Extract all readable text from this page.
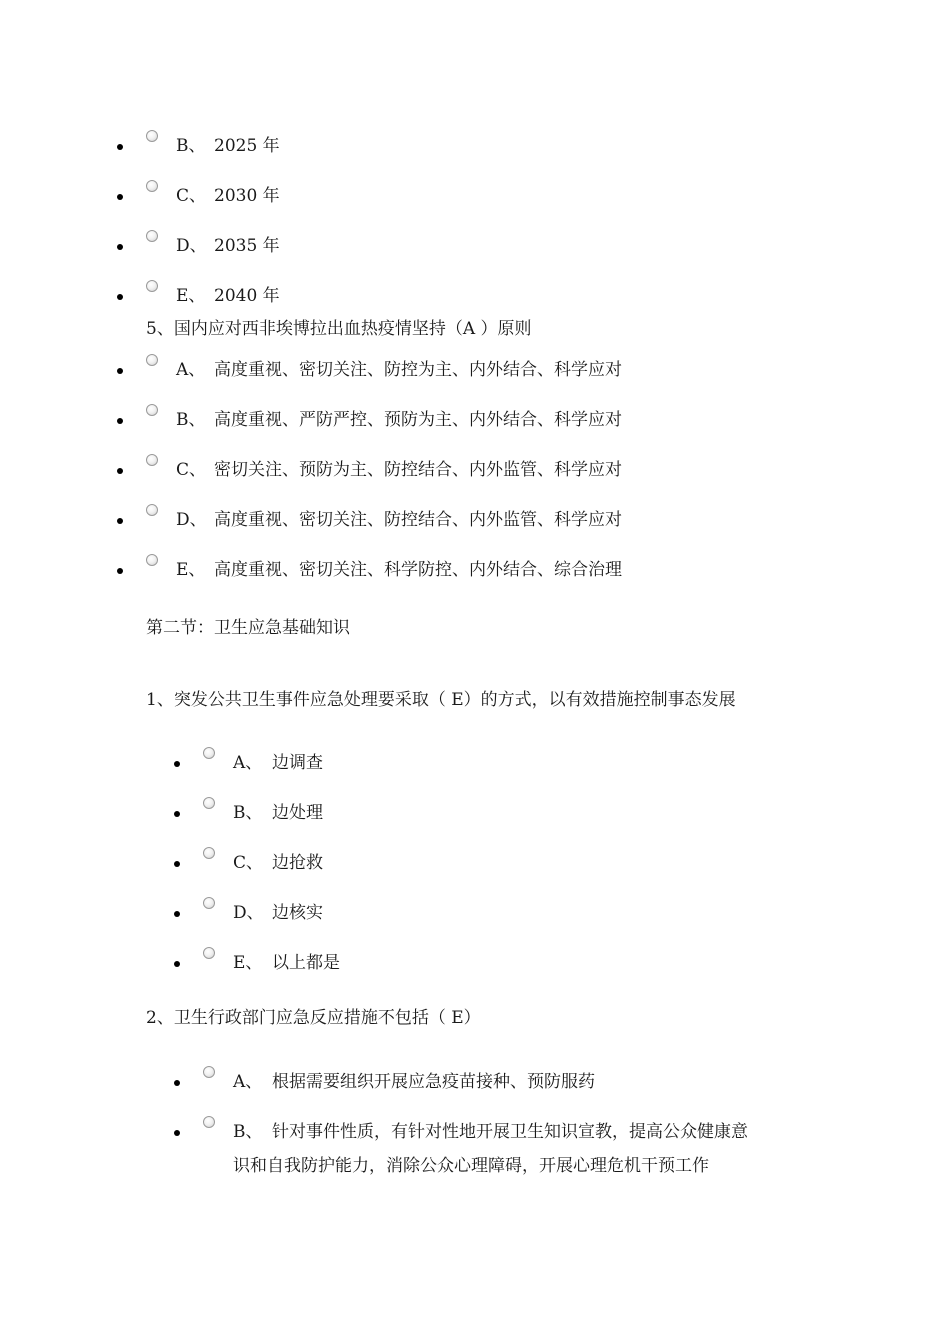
B、 2025 年
C、 2030 年
D、 2035 年
E、 2040 年
5、国内应对西非埃博拉出血热疫情坚持（A ）原则
A、 高度重视、密切关注、防控为主、内外结合、科学应对
B、 高度重视、严防严控、预防为主、内外结合、科学应对
C、 密切关注、预防为主、防控结合、内外监管、科学应对
D、 高度重视、密切关注、防控结合、内外监管、科学应对
E、 高度重视、密切关注、科学防控、内外结合、综合治理
第二节：卫生应急基础知识
1、突发公共卫生事件应急处理要采取（ E）的方式，以有效措施控制事态发展
A、 边调查
B、 边处理
C、 边抢救
D、 边核实
E、 以上都是
2、卫生行政部门应急反应措施不包括（ E）
A、 根据需要组织开展应急疫苗接种、预防服药
B、 针对事件性质，有针对性地开展卫生知识宣教，提高公众健康意
识和自我防护能力，消除公众心理障碍，开展心理危机干预工作
